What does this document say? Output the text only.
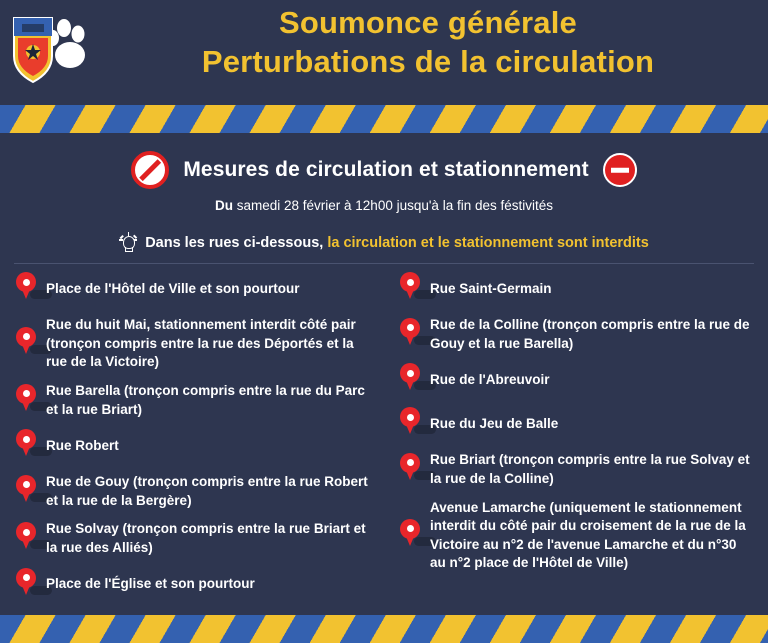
Soumonce générale
Perturbations de la circulation
Mesures de circulation et stationnement
Du samedi 28 février à 12h00 jusqu'à la fin des féstivités
Dans les rues ci-dessous, la circulation et le stationnement sont interdits
Place de l'Hôtel de Ville et son pourtour
Rue du huit Mai, stationnement interdit côté pair (tronçon compris entre la rue des Déportés et la rue de la Victoire)
Rue Barella (tronçon compris entre la rue du Parc et la rue Briart)
Rue Robert
Rue de Gouy (tronçon compris entre la rue Robert et la rue de la Bergère)
Rue Solvay (tronçon compris entre la rue Briart et la rue des Alliés)
Place de l'Église et son pourtour
Rue Saint-Germain
Rue de la Colline (tronçon compris entre la rue de Gouy et la rue Barella)
Rue de l'Abreuvoir
Rue du Jeu de Balle
Rue Briart (tronçon compris entre la rue Solvay et la rue de la Colline)
Avenue Lamarche (uniquement le stationnement interdit du côté pair du croisement de la rue de la Victoire au n°2 de l'avenue Lamarche et du n°30 au n°2 place de l'Hôtel de Ville)
